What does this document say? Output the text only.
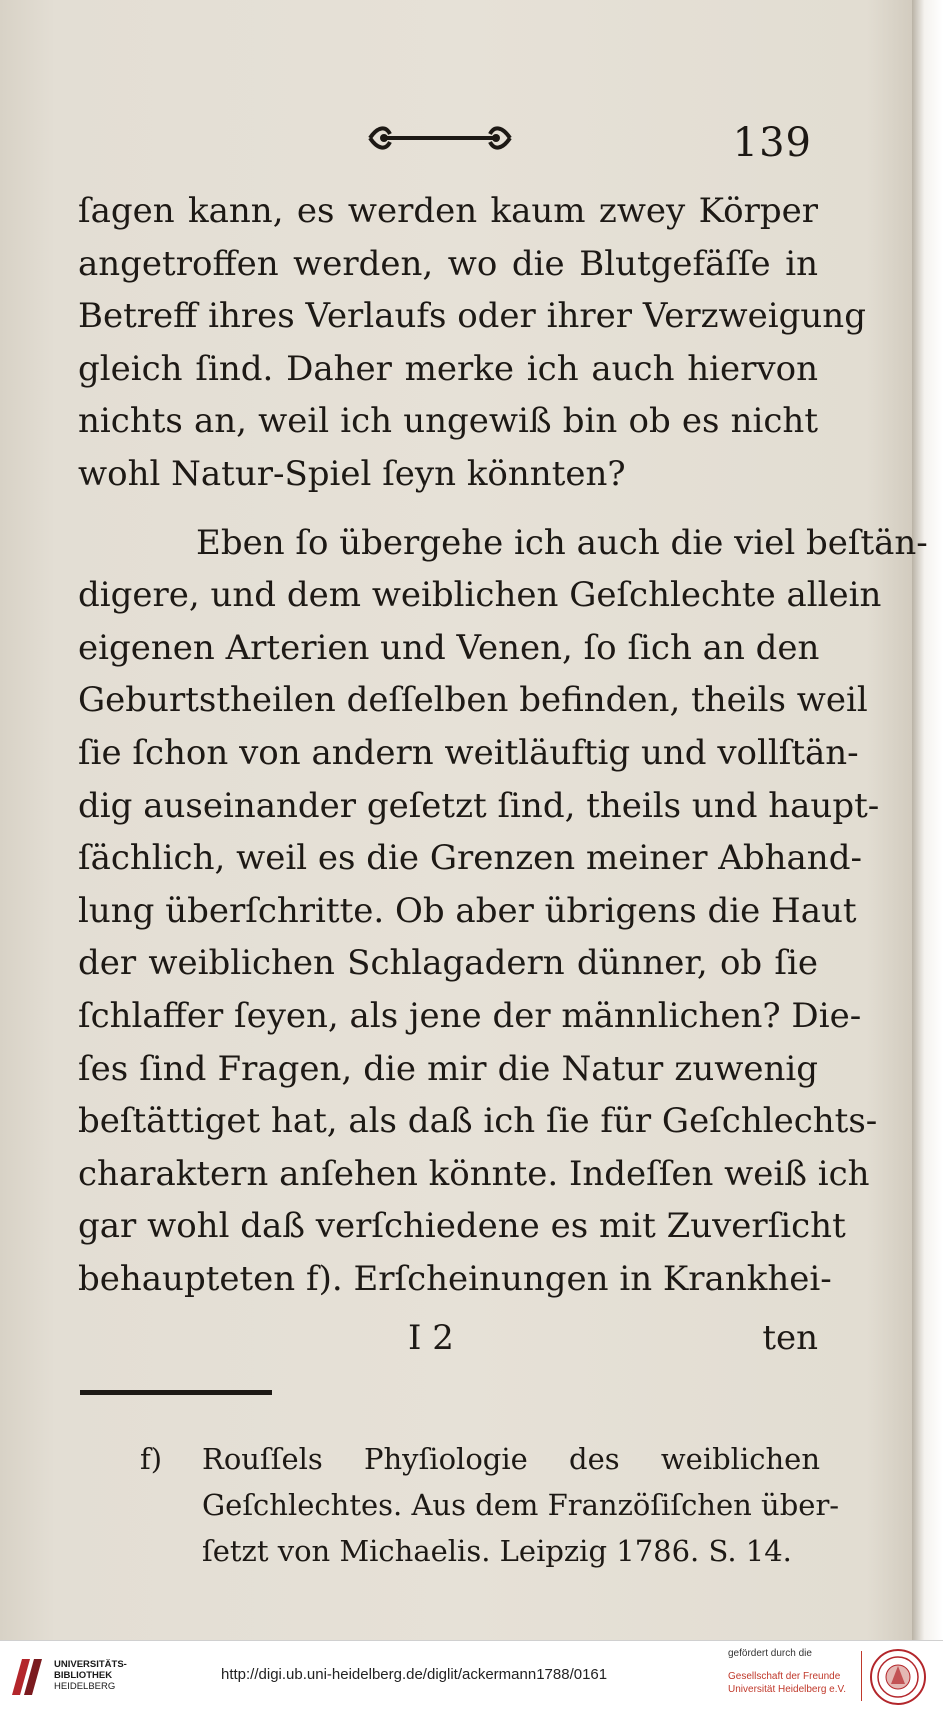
139

ſagen kann, es werden kaum zwey Körper
angetroffen werden, wo die Blutgefäſſe in
Betreff ihres Verlaufs oder ihrer Verzweigung
gleich ſind. Daher merke ich auch hiervon
nichts an, weil ich ungewiß bin ob es nicht
wohl Natur-Spiel ſeyn könnten?

Eben ſo übergehe ich auch die viel beſtän-
digere, und dem weiblichen Geſchlechte allein
eigenen Arterien und Venen, ſo ſich an den
Geburtstheilen deſſelben befinden, theils weil
ſie ſchon von andern weitläuftig und vollſtän-
dig auseinander geſetzt ſind, theils und haupt-
ſächlich, weil es die Grenzen meiner Abhand-
lung überſchritte. Ob aber übrigens die Haut
der weiblichen Schlagadern dünner, ob ſie
ſchlaffer ſeyen, als jene der männlichen? Die-
ſes ſind Fragen, die mir die Natur zuwenig
beſtättiget hat, als daß ich ſie für Geſchlechts-
charaktern anſehen könnte. Indeſſen weiß ich
gar wohl daß verſchiedene es mit Zuverſicht
behaupteten f). Erſcheinungen in Krankhei-

I 2	ten
f) Rouſſels Phyſiologie des weiblichen
Geſchlechtes. Aus dem Franzöſiſchen über-
ſetzt von Michaelis. Leipzig 1786. S. 14.
UNIVERSITÄTS-
BIBLIOTHEK
HEIDELBERG
http://digi.ub.uni-heidelberg.de/diglit/ackermann1788/0161
gefördert durch die
Gesellschaft der Freunde
Universität Heidelberg e.V.
